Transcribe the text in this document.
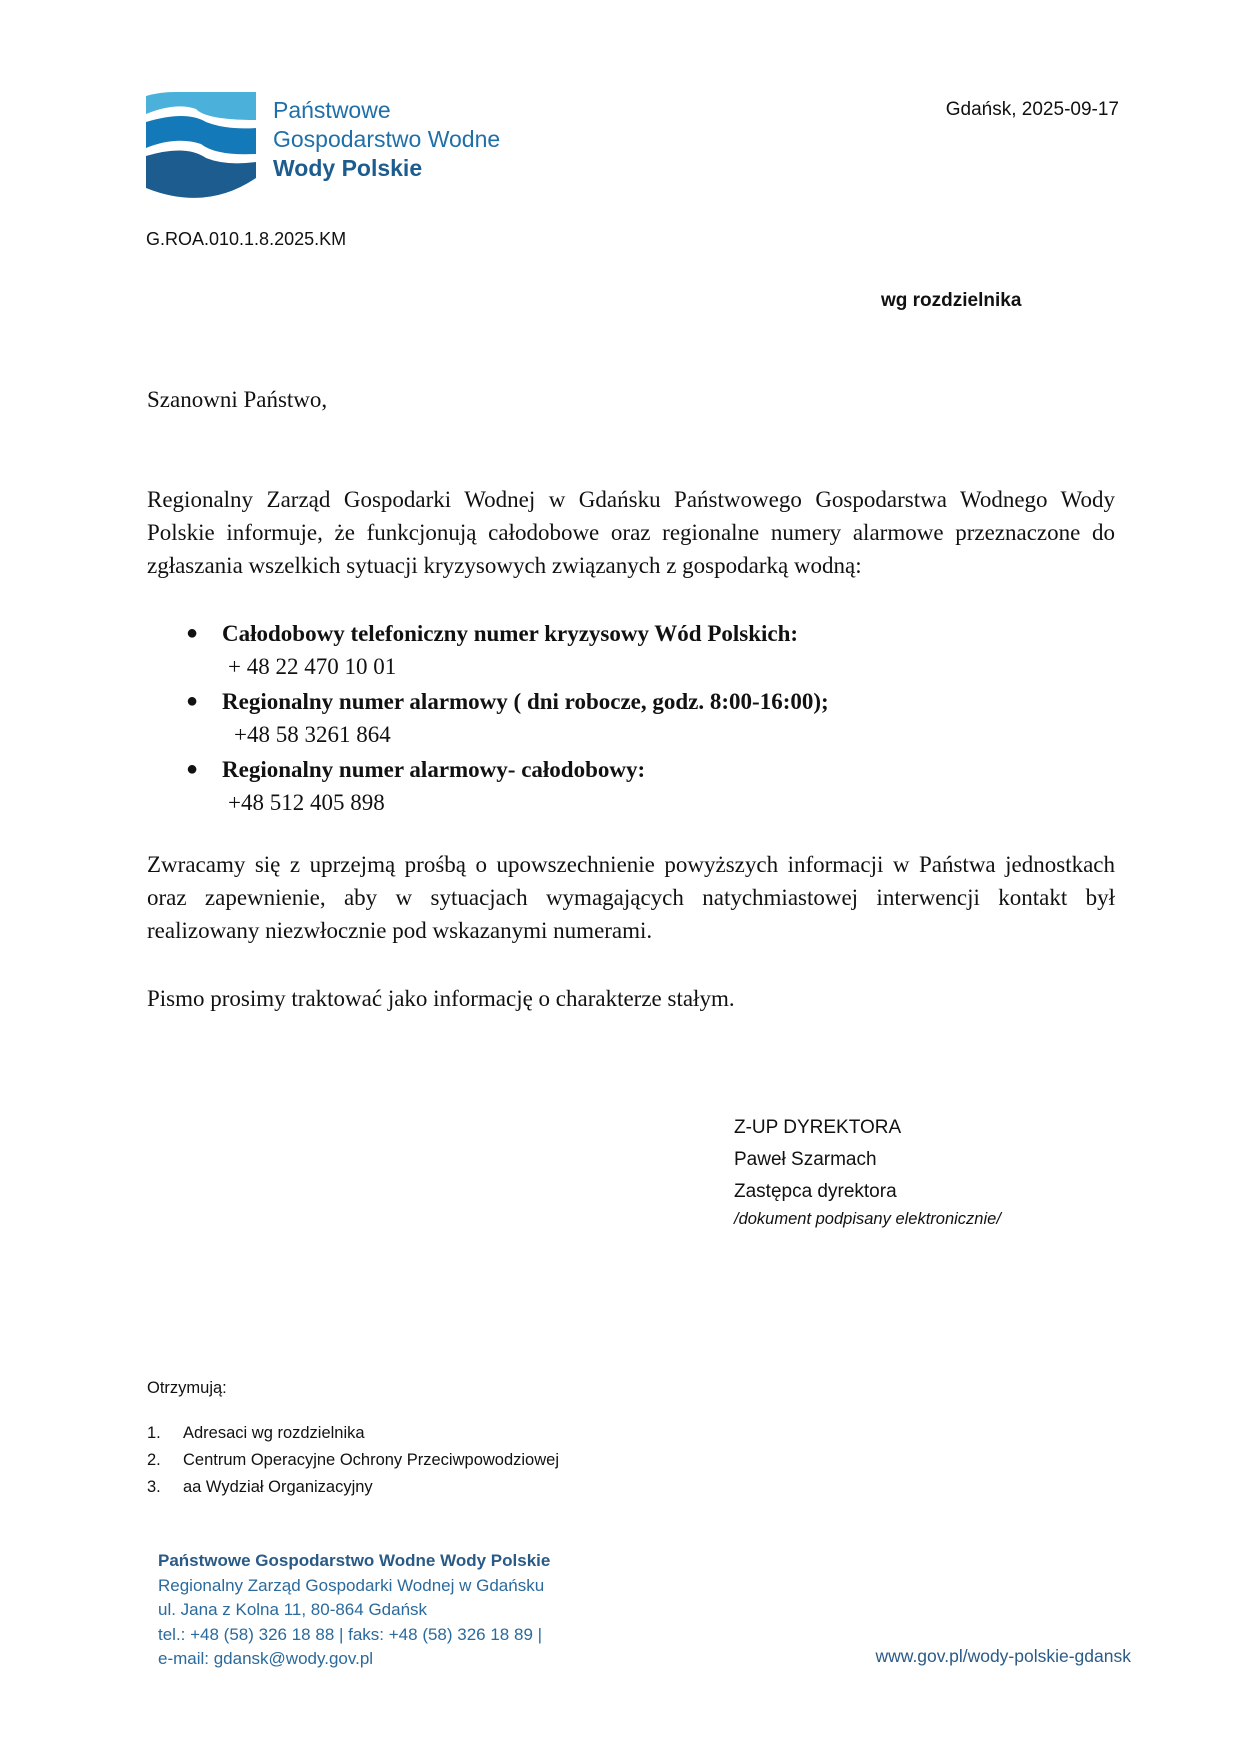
Państwowe
Gospodarstwo Wodne
Wody Polskie
Gdańsk, 2025-09-17
G.ROA.010.1.8.2025.KM
wg rozdzielnika
Szanowni Państwo,
Regionalny Zarząd Gospodarki Wodnej w Gdańsku Państwowego Gospodarstwa Wodnego Wody Polskie informuje, że funkcjonują całodobowe oraz regionalne numery alarmowe przeznaczone do zgłaszania wszelkich sytuacji kryzysowych związanych z gospodarką wodną:
● Całodobowy telefoniczny numer kryzysowy Wód Polskich:
+ 48 22 470 10 01
● Regionalny numer alarmowy ( dni robocze, godz. 8:00-16:00);
+48 58 3261 864
● Regionalny numer alarmowy- całodobowy:
+48 512 405 898
Zwracamy się z uprzejmą prośbą o upowszechnienie powyższych informacji w Państwa jednostkach oraz zapewnienie, aby w sytuacjach wymagających natychmiastowej interwencji kontakt był realizowany niezwłocznie pod wskazanymi numerami.
Pismo prosimy traktować jako informację o charakterze stałym.
Z-UP DYREKTORA
Paweł Szarmach
Zastępca dyrektora
/dokument podpisany elektronicznie/
Otrzymują:
1. Adresaci wg rozdzielnika
2. Centrum Operacyjne Ochrony Przeciwpowodziowej
3. aa Wydział Organizacyjny
Państwowe Gospodarstwo Wodne Wody Polskie
Regionalny Zarząd Gospodarki Wodnej w Gdańsku
ul. Jana z Kolna 11, 80-864 Gdańsk
tel.: +48 (58) 326 18 88 | faks: +48 (58) 326 18 89 |
e-mail: gdansk@wody.gov.pl	www.gov.pl/wody-polskie-gdansk
